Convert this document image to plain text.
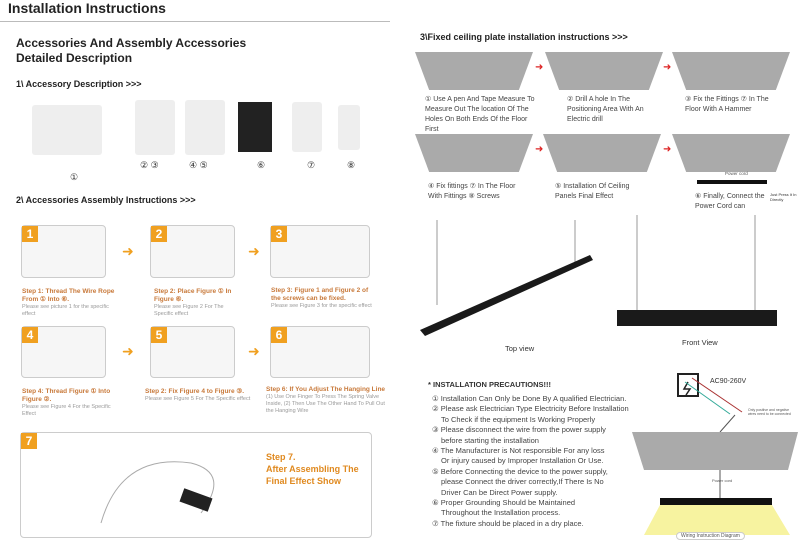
Installation Instructions
Accessories And Assembly Accessories
Detailed Description
1\ Accessory Description >>>
①
② ③	④ ⑤	⑥	⑦	⑧
2\ Accessories Assembly Instructions >>>
1
➜
2
➜
3
Step 1: Thread The Wire Rope From ① Into ⑥.
Please see picture 1 for the specific effect
Step 2: Place Figure ① In Figure ⑥.
Please see Figure 2 For The Specific effect
Step 3: Figure 1 and Figure 2 of the screws can be fixed.
Please see Figure 3 for the specific effect
4
➜
5
➜
6
Step 4: Thread Figure ① Into Figure ②.
Please see Figure 4 For the Specific Effect
Step 2: Fix Figure 4 to Figure ③.
Please see Figure 5 For The Specific effect
Step 6: If You Adjust The Hanging Line
(1) Use One Finger To Press The Spring Valve Inside, (2) Then Use The Other Hand To Pull Out the Hanging Wire
7
Step 7.
After Assembling The Final Effect Show
3\Fixed ceiling plate installation instructions >>>
➜	➜
① Use A pen And Tape Measure To Measure Out The location Of The Holes On Both Ends Of the Floor First
② Drill A hole In The Positioning Area With An Electric drill
③ Fix the Fittings ⑦ In The Floor With A Hammer
➜	➜
Power cord
Just Press It In Directly
④ Fix fittings ⑦ In The Floor With Fittings ⑧ Screws
⑤ Installation Of Ceiling Panels Final Effect	⑥ Finally, Connect the Power Cord can
Top view
Front View
* INSTALLATION PRECAUTIONS!!!
① Installation Can Only be Done By A qualified Electrician.
② Please ask Electrician Type Electricity Before Installation
To Check if the equipment Is Working Properly
③ Please disconnect the wire from the power supply
before starting the installation
④ The Manufacturer is Not responsible For any loss
Or injury caused by Improper Installation Or Use.
⑤ Before Connecting the device to the power supply,
please Connect the driver correctly,If There Is No
Driver Can be Direct Power supply.
⑥ Proper Grounding Should be Maintained
Throughout the Installation process.
⑦ The fixture should be placed in a dry place.
AC90-260V
Only positive and negative wires need to be connected
Power cord
Wiring Instruction Diagram
